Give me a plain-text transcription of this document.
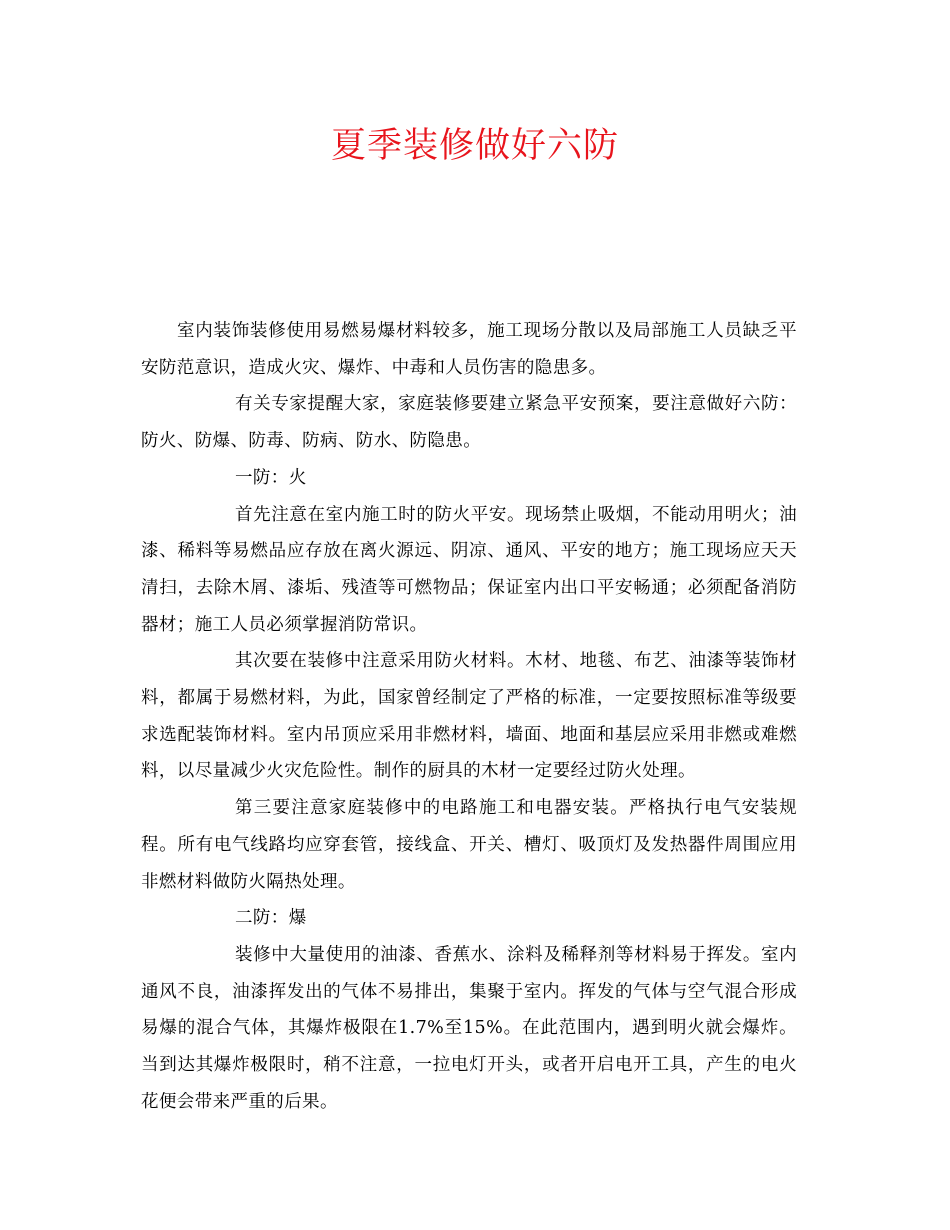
夏季装修做好六防

室内装饰装修使用易燃易爆材料较多，施工现场分散以及局部施工人员缺乏平安防范意识，造成火灾、爆炸、中毒和人员伤害的隐患多。

有关专家提醒大家，家庭装修要建立紧急平安预案，要注意做好六防：防火、防爆、防毒、防病、防水、防隐患。

一防：火

首先注意在室内施工时的防火平安。现场禁止吸烟，不能动用明火；油漆、稀料等易燃品应存放在离火源远、阴凉、通风、平安的地方；施工现场应天天清扫，去除木屑、漆垢、残渣等可燃物品；保证室内出口平安畅通；必须配备消防器材；施工人员必须掌握消防常识。

其次要在装修中注意采用防火材料。木材、地毯、布艺、油漆等装饰材料，都属于易燃材料，为此，国家曾经制定了严格的标准，一定要按照标准等级要求选配装饰材料。室内吊顶应采用非燃材料，墙面、地面和基层应采用非燃或难燃料，以尽量减少火灾危险性。制作的厨具的木材一定要经过防火处理。

第三要注意家庭装修中的电路施工和电器安装。严格执行电气安装规程。所有电气线路均应穿套管，接线盒、开关、槽灯、吸顶灯及发热器件周围应用非燃材料做防火隔热处理。

二防：爆

装修中大量使用的油漆、香蕉水、涂料及稀释剂等材料易于挥发。室内通风不良，油漆挥发出的气体不易排出，集聚于室内。挥发的气体与空气混合形成易爆的混合气体，其爆炸极限在1.7%至15%。在此范围内，遇到明火就会爆炸。当到达其爆炸极限时，稍不注意，一拉电灯开头，或者开启电开工具，产生的电火花便会带来严重的后果。
